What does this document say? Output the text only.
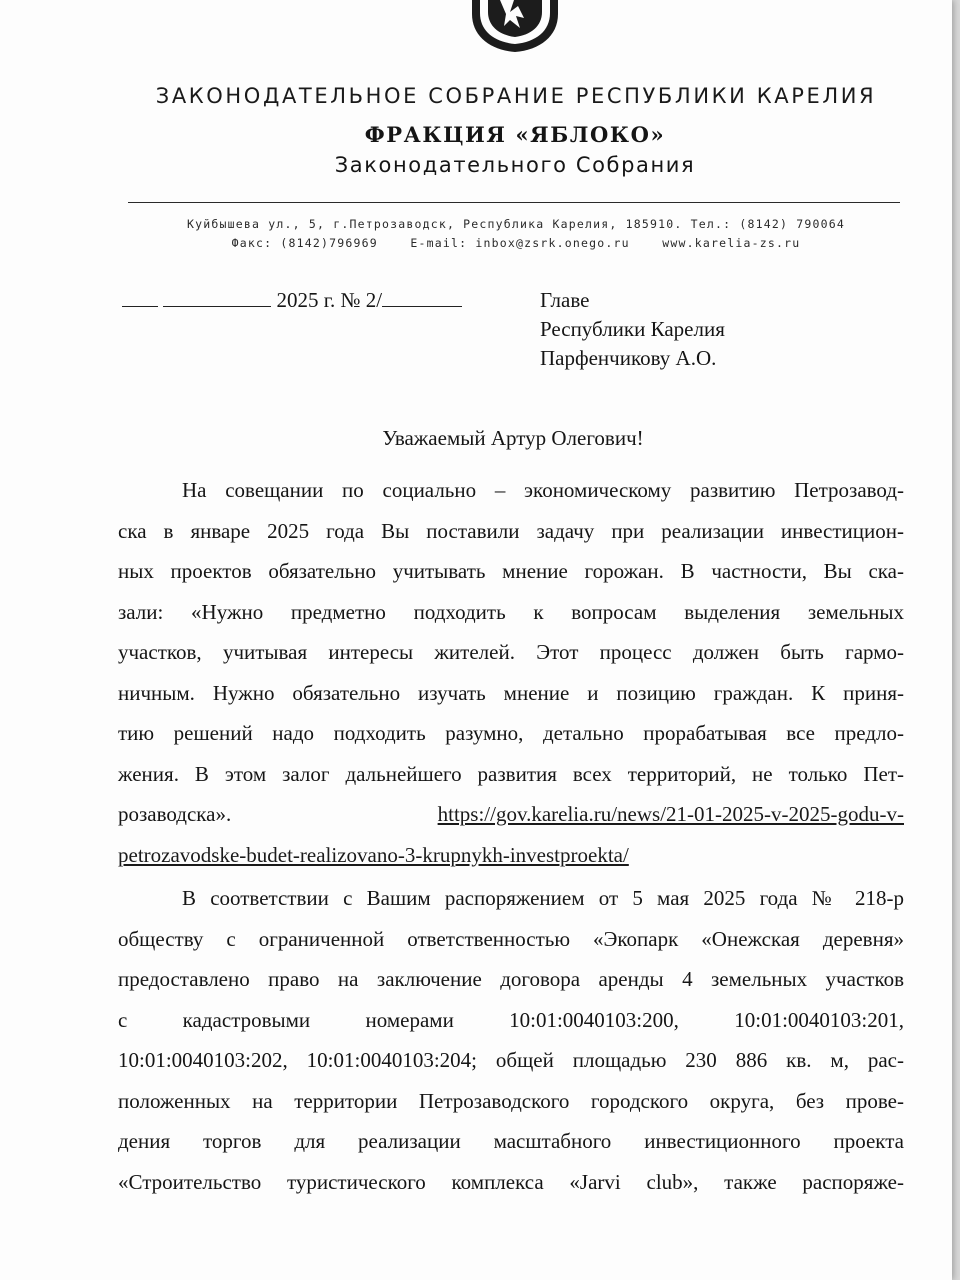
ЗАКОНОДАТЕЛЬНОЕ СОБРАНИЕ РЕСПУБЛИКИ КАРЕЛИЯ
ФРАКЦИЯ «ЯБЛОКО»
Законодательного Собрания
Куйбышева ул., 5, г.Петрозаводск, Республика Карелия, 185910. Тел.: (8142) 790064
Факс: (8142)796969    E-mail: inbox@zsrk.onego.ru    www.karelia-zs.ru
2025 г. № 2/	Главе
Республики Карелия
Парфенчикову А.О.
Уважаемый Артур Олегович!
На совещании по социально – экономическому развитию Петрозавод-
ска в январе 2025 года Вы поставили задачу при реализации инвестицион-
ных проектов обязательно учитывать мнение горожан. В частности, Вы ска-
зали: «Нужно предметно подходить к вопросам выделения земельных
участков, учитывая интересы жителей. Этот процесс должен быть гармо-
ничным. Нужно обязательно изучать мнение и позицию граждан. К приня-
тию решений надо подходить разумно, детально прорабатывая все предло-
жения. В этом залог дальнейшего развития всех территорий, не только Пет-
розаводска».	https://gov.karelia.ru/news/21-01-2025-v-2025-godu-v-
petrozavodske-budet-realizovano-3-krupnykh-investproekta/
В соответствии с Вашим распоряжением от 5 мая 2025 года № 218-р
обществу с ограниченной ответственностью «Экопарк «Онежская деревня»
предоставлено право на заключение договора аренды 4 земельных участков
с	кадастровыми	номерами	10:01:0040103:200,	10:01:0040103:201,
10:01:0040103:202, 10:01:0040103:204; общей площадью 230 886 кв. м, рас-
положенных на территории Петрозаводского городского округа, без прове-
дения торгов для реализации масштабного инвестиционного проекта
«Строительство туристического комплекса «Jarvi club», также распоряже-
